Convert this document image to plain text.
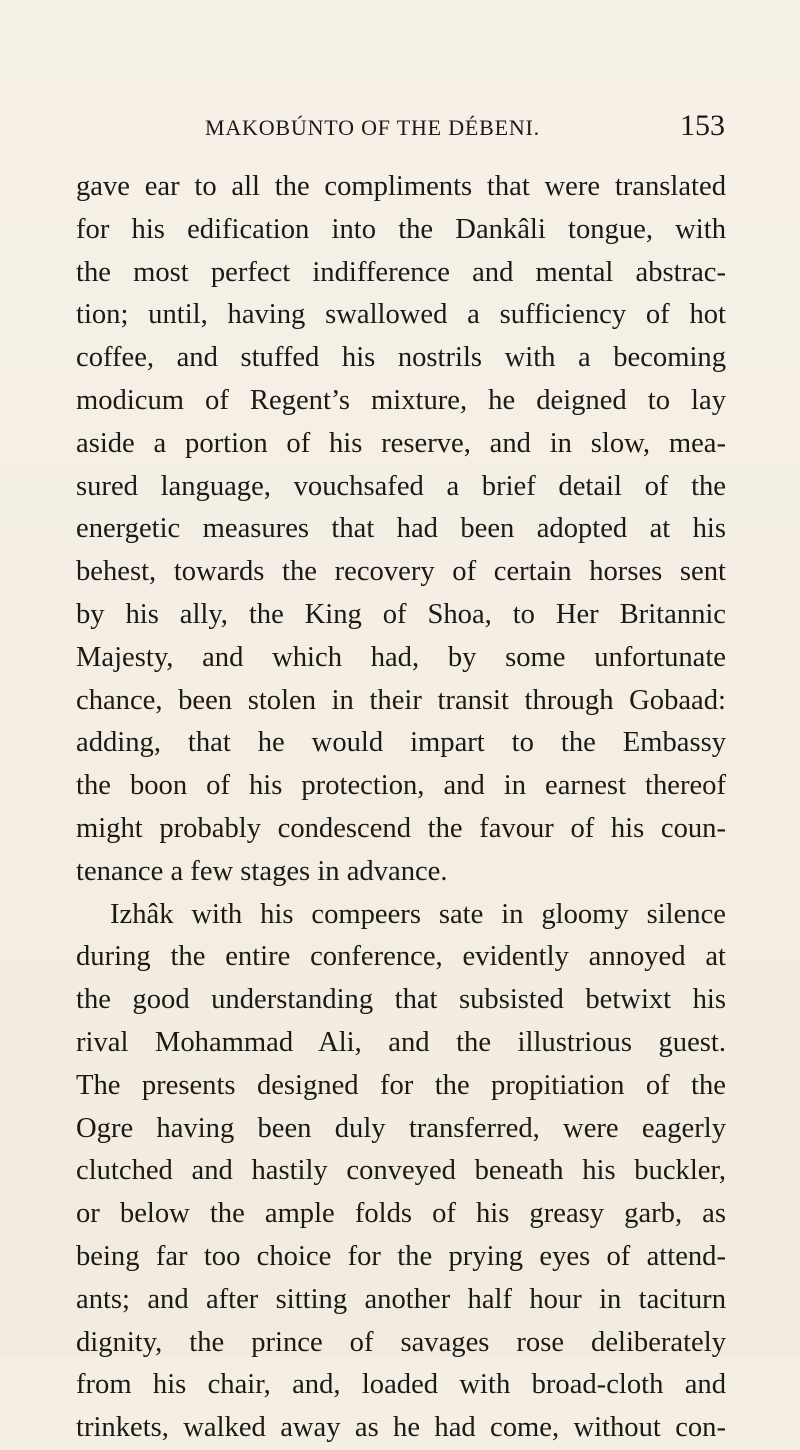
MAKOBÚNTO OF THE DÉBENI.	153
gave ear to all the compliments that were translated
for his edification into the Dankâli tongue, with
the most perfect indifference and mental abstrac-
tion; until, having swallowed a sufficiency of hot
coffee, and stuffed his nostrils with a becoming
modicum of Regent’s mixture, he deigned to lay
aside a portion of his reserve, and in slow, mea-
sured language, vouchsafed a brief detail of the
energetic measures that had been adopted at his
behest, towards the recovery of certain horses sent
by his ally, the King of Shoa, to Her Britannic
Majesty, and which had, by some unfortunate
chance, been stolen in their transit through Gobaad:
adding, that he would impart to the Embassy
the boon of his protection, and in earnest thereof
might probably condescend the favour of his coun-
tenance a few stages in advance.
Izhâk with his compeers sate in gloomy silence
during the entire conference, evidently annoyed at
the good understanding that subsisted betwixt his
rival Mohammad Ali, and the illustrious guest.
The presents designed for the propitiation of the
Ogre having been duly transferred, were eagerly
clutched and hastily conveyed beneath his buckler,
or below the ample folds of his greasy garb, as
being far too choice for the prying eyes of attend-
ants; and after sitting another half hour in taciturn
dignity, the prince of savages rose deliberately
from his chair, and, loaded with broad-cloth and
trinkets, walked away as he had come, without con-
